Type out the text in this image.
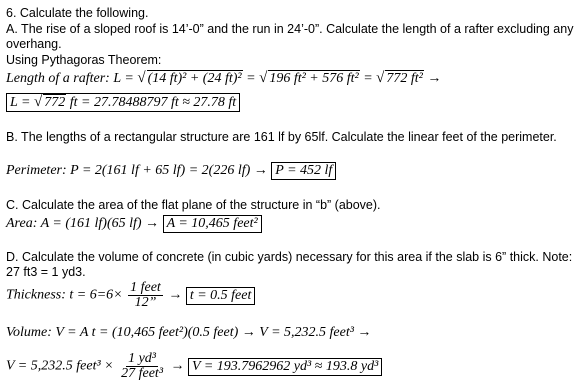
6. Calculate the following.
A. The rise of a sloped roof is 14’-0” and the run in 24’-0”. Calculate the length of a rafter excluding any overhang.
Using Pythagoras Theorem:
Length of a rafter: L = √ (14 ft)² + (24 ft)² = √ 196 ft² + 576 ft² = √ 772 ft² →
L = √ 772 ft = 27.78488797 ft ≈ 27.78 ft
B. The lengths of a rectangular structure are 161 lf by 65lf. Calculate the linear feet of the perimeter.
Perimeter: P = 2(161 lf + 65 lf) = 2(226 lf) → P = 452 lf
C. Calculate the area of the flat plane of the structure in “b” (above).
Area: A = (161 lf)(65 lf) → A = 10,465 feet²
D. Calculate the volume of concrete (in cubic yards) necessary for this area if the slab is 6” thick. Note: 27 ft3 = 1 yd3.
Thickness: $t = 6=6\times \frac{\text{1 feet}}{12”} \to t = 0.5$ feet
Volume: V = A t = (10,465 feet²)(0.5 feet) → V = 5,232.5 feet³ →
V = 5,232.5 feet³ × $\frac{\text{1 yd³}}{\text{27 feet³}} \to V = 193.7962962$ yd³ ≈ 193.8 yd³
